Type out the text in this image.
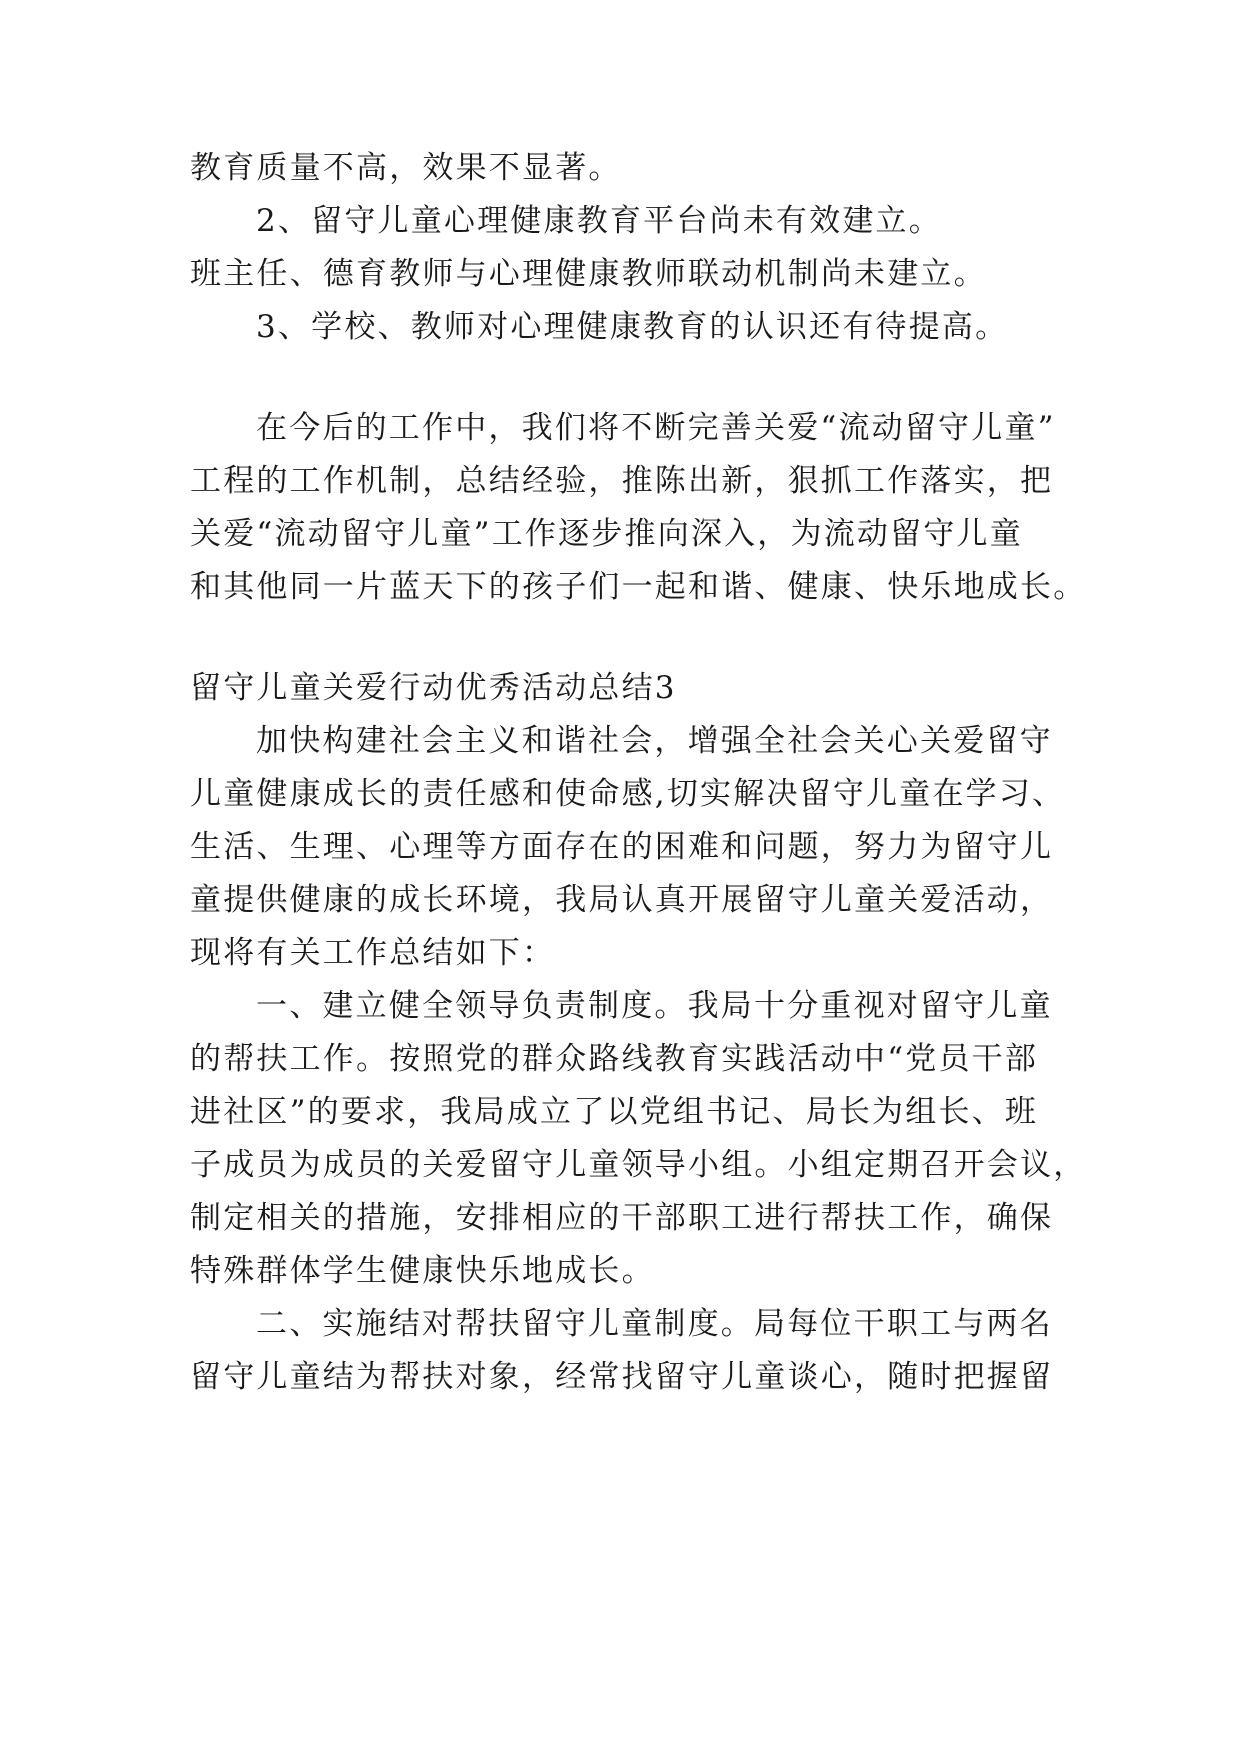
教育质量不高，效果不显著。
2、留守儿童心理健康教育平台尚未有效建立。
班主任、德育教师与心理健康教师联动机制尚未建立。
3、学校、教师对心理健康教育的认识还有待提高。
在今后的工作中，我们将不断完善关爱“流动留守儿童”
工程的工作机制，总结经验，推陈出新，狠抓工作落实，把
关爱“流动留守儿童”工作逐步推向深入，为流动留守儿童
和其他同一片蓝天下的孩子们一起和谐、健康、快乐地成长。
留守儿童关爱行动优秀活动总结3
加快构建社会主义和谐社会，增强全社会关心关爱留守
儿童健康成长的责任感和使命感,切实解决留守儿童在学习、
生活、生理、心理等方面存在的困难和问题，努力为留守儿
童提供健康的成长环境，我局认真开展留守儿童关爱活动，
现将有关工作总结如下：
一、建立健全领导负责制度。我局十分重视对留守儿童
的帮扶工作。按照党的群众路线教育实践活动中“党员干部
进社区”的要求，我局成立了以党组书记、局长为组长、班
子成员为成员的关爱留守儿童领导小组。小组定期召开会议，
制定相关的措施，安排相应的干部职工进行帮扶工作，确保
特殊群体学生健康快乐地成长。
二、实施结对帮扶留守儿童制度。局每位干职工与两名
留守儿童结为帮扶对象，经常找留守儿童谈心，随时把握留
